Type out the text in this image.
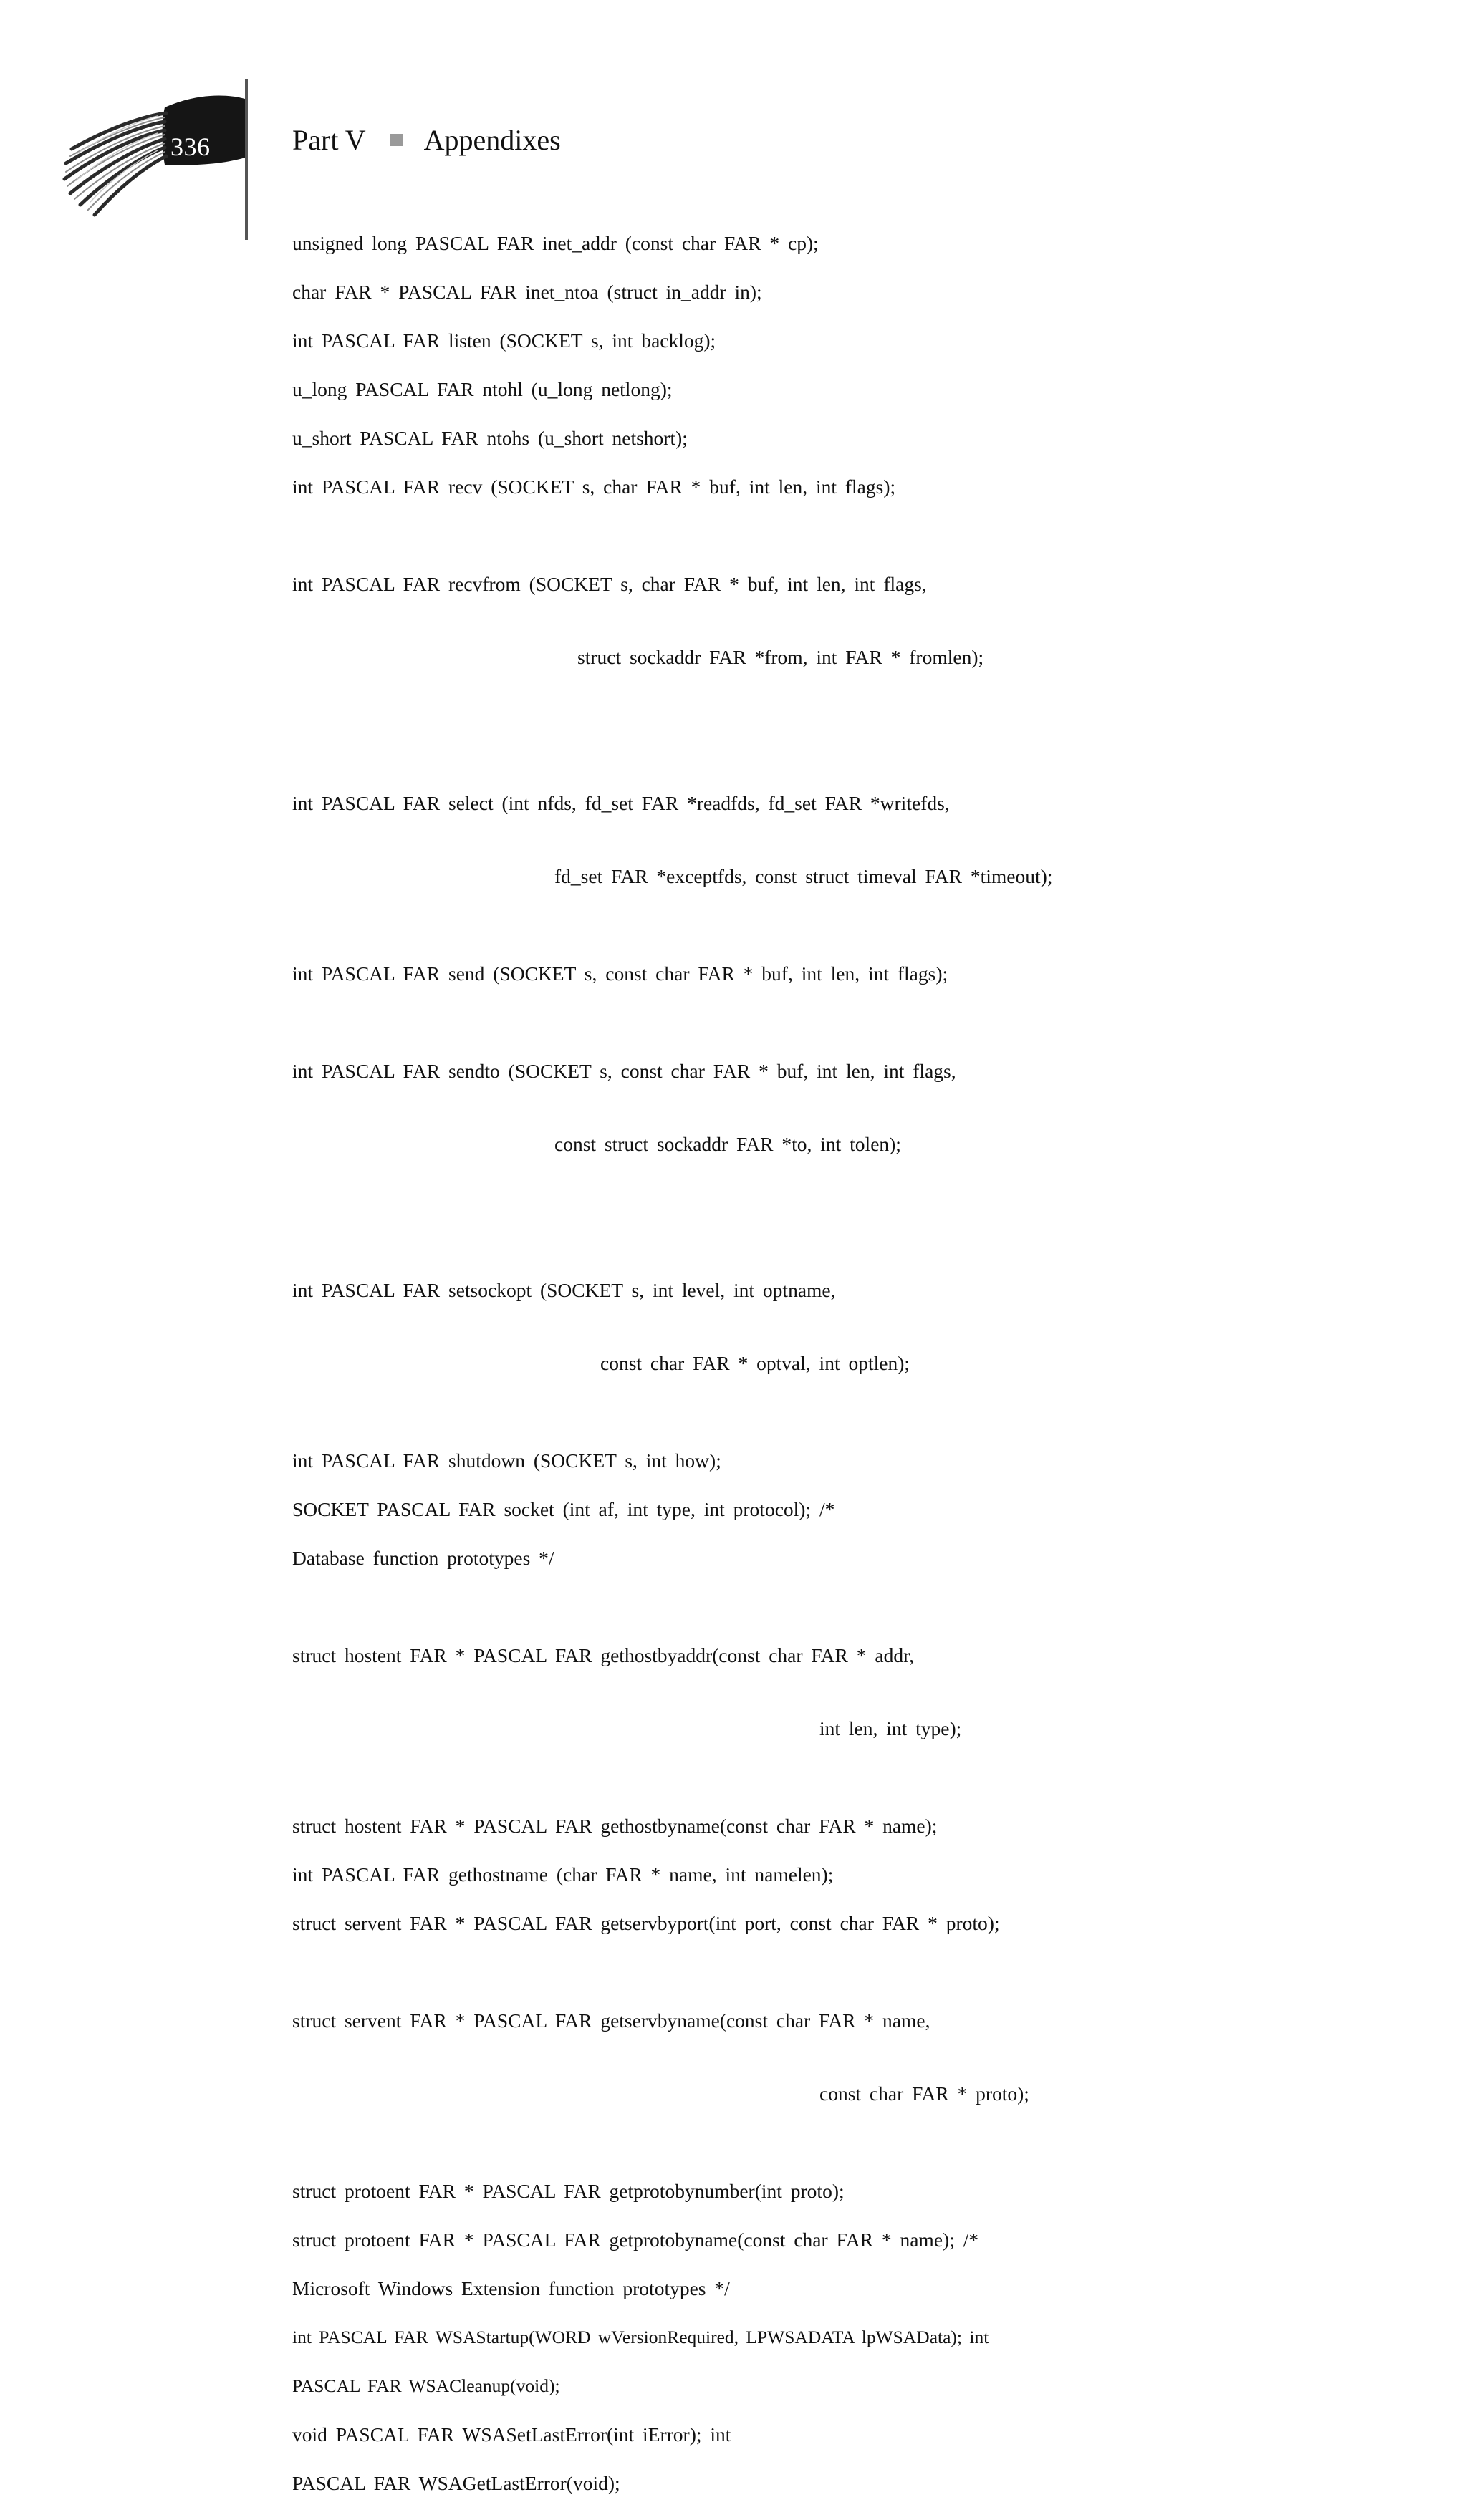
336	Part V Appendixes
unsigned long PASCAL FAR inet_addr (const char FAR * cp);
char FAR * PASCAL FAR inet_ntoa (struct in_addr in);
int PASCAL FAR listen (SOCKET s, int backlog);
u_long PASCAL FAR ntohl (u_long netlong);
u_short PASCAL FAR ntohs (u_short netshort);
int PASCAL FAR recv (SOCKET s, char FAR * buf, int len, int flags);

int PASCAL FAR recvfrom (SOCKET s, char FAR * buf, int len, int flags,

struct sockaddr FAR *from, int FAR * fromlen);

int PASCAL FAR select (int nfds, fd_set FAR *readfds, fd_set FAR *writefds,

fd_set FAR *exceptfds, const struct timeval FAR *timeout);

int PASCAL FAR send (SOCKET s, const char FAR * buf, int len, int flags);

int PASCAL FAR sendto (SOCKET s, const char FAR * buf, int len, int flags,

const struct sockaddr FAR *to, int tolen);

int PASCAL FAR setsockopt (SOCKET s, int level, int optname,

const char FAR * optval, int optlen);

int PASCAL FAR shutdown (SOCKET s, int how);
SOCKET PASCAL FAR socket (int af, int type, int protocol); /*
Database function prototypes */

struct hostent FAR * PASCAL FAR gethostbyaddr(const char FAR * addr,

int len, int type);

struct hostent FAR * PASCAL FAR gethostbyname(const char FAR * name);
int PASCAL FAR gethostname (char FAR * name, int namelen);
struct servent FAR * PASCAL FAR getservbyport(int port, const char FAR * proto);

struct servent FAR * PASCAL FAR getservbyname(const char FAR * name,

const char FAR * proto);

struct protoent FAR * PASCAL FAR getprotobynumber(int proto);
struct protoent FAR * PASCAL FAR getprotobyname(const char FAR * name); /*
Microsoft Windows Extension function prototypes */
int PASCAL FAR WSAStartup(WORD wVersionRequired, LPWSADATA lpWSAData); int
PASCAL FAR WSACleanup(void);
void PASCAL FAR WSASetLastError(int iError); int
PASCAL FAR WSAGetLastError(void);
